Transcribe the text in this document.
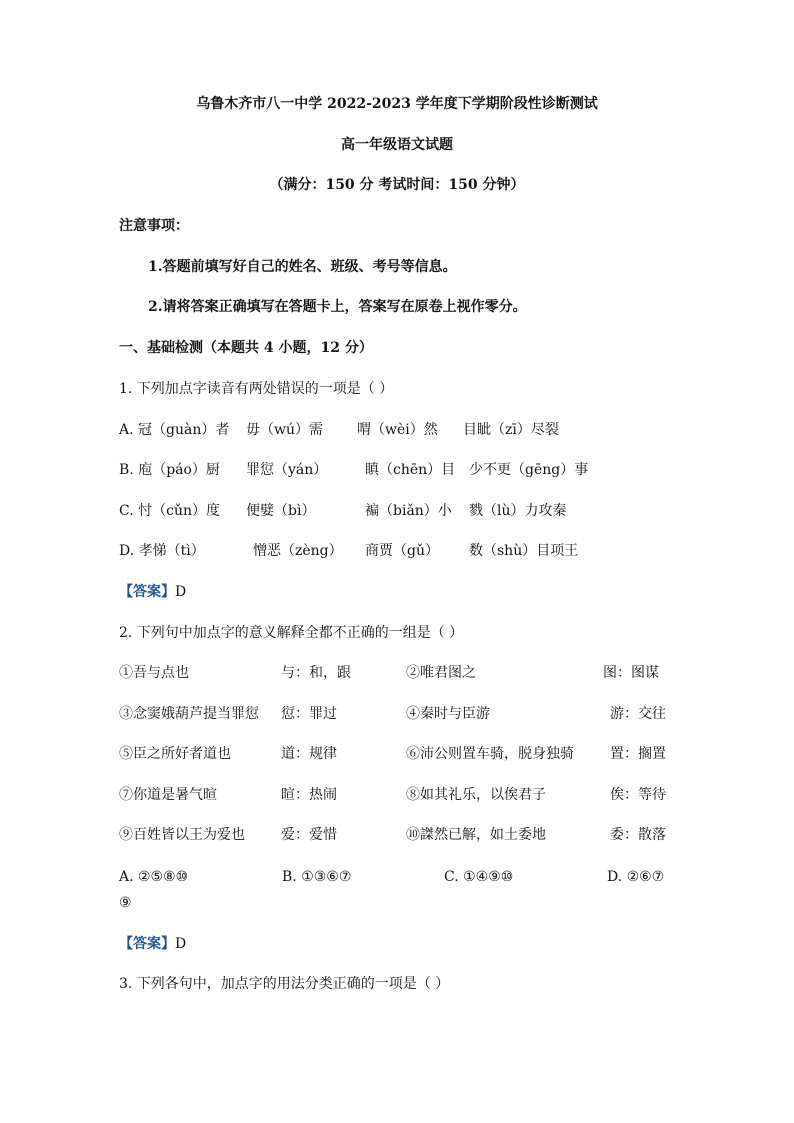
乌鲁木齐市八一中学 2022-2023 学年度下学期阶段性诊断测试
高一年级语文试题
（满分：150 分 考试时间：150 分钟）
注意事项：
1.答题前填写好自己的姓名、班级、考号等信息。
2.请将答案正确填写在答题卡上，答案写在原卷上视作零分。
一、基础检测（本题共 4 小题，12 分）
1. 下列加点字读音有两处错误的一项是（ ）
A. 冠（guàn）者 毋（wú）需 喟（wèi）然 目眦（zī）尽裂
B. 庖（páo）厨 罪愆（yán）	瞋（chēn）目 少不更（gēng）事
C. 忖（cǔn）度 便嬖（bì）	褊（biǎn）小 戮（lù）力攻秦
D. 孝悌（tì）	憎恶（zèng） 商贾（gǔ） 数（shù）目项王
【答案】D
2. 下列句中加点字的意义解释全都不正确的一组是（ ）
①吾与点也	与：和，跟	②唯君图之	图：图谋
③念窦娥葫芦提当罪愆 愆：罪过	④秦时与臣游	游：交往
⑤臣之所好者道也	道：规律	⑥沛公则置车骑，脱身独骑	置：搁置
⑦你道是暑气暄	暄：热闹	⑧如其礼乐，以俟君子	俟：等待
⑨百姓皆以王为爱也	爱：爱惜	⑩謋然已解，如土委地	委：散落
A. ②⑤⑧⑩	B. ①③⑥⑦	C. ①④⑨⑩	D. ②⑥⑦
⑨
【答案】D
3. 下列各句中，加点字的用法分类正确的一项是（ ）
